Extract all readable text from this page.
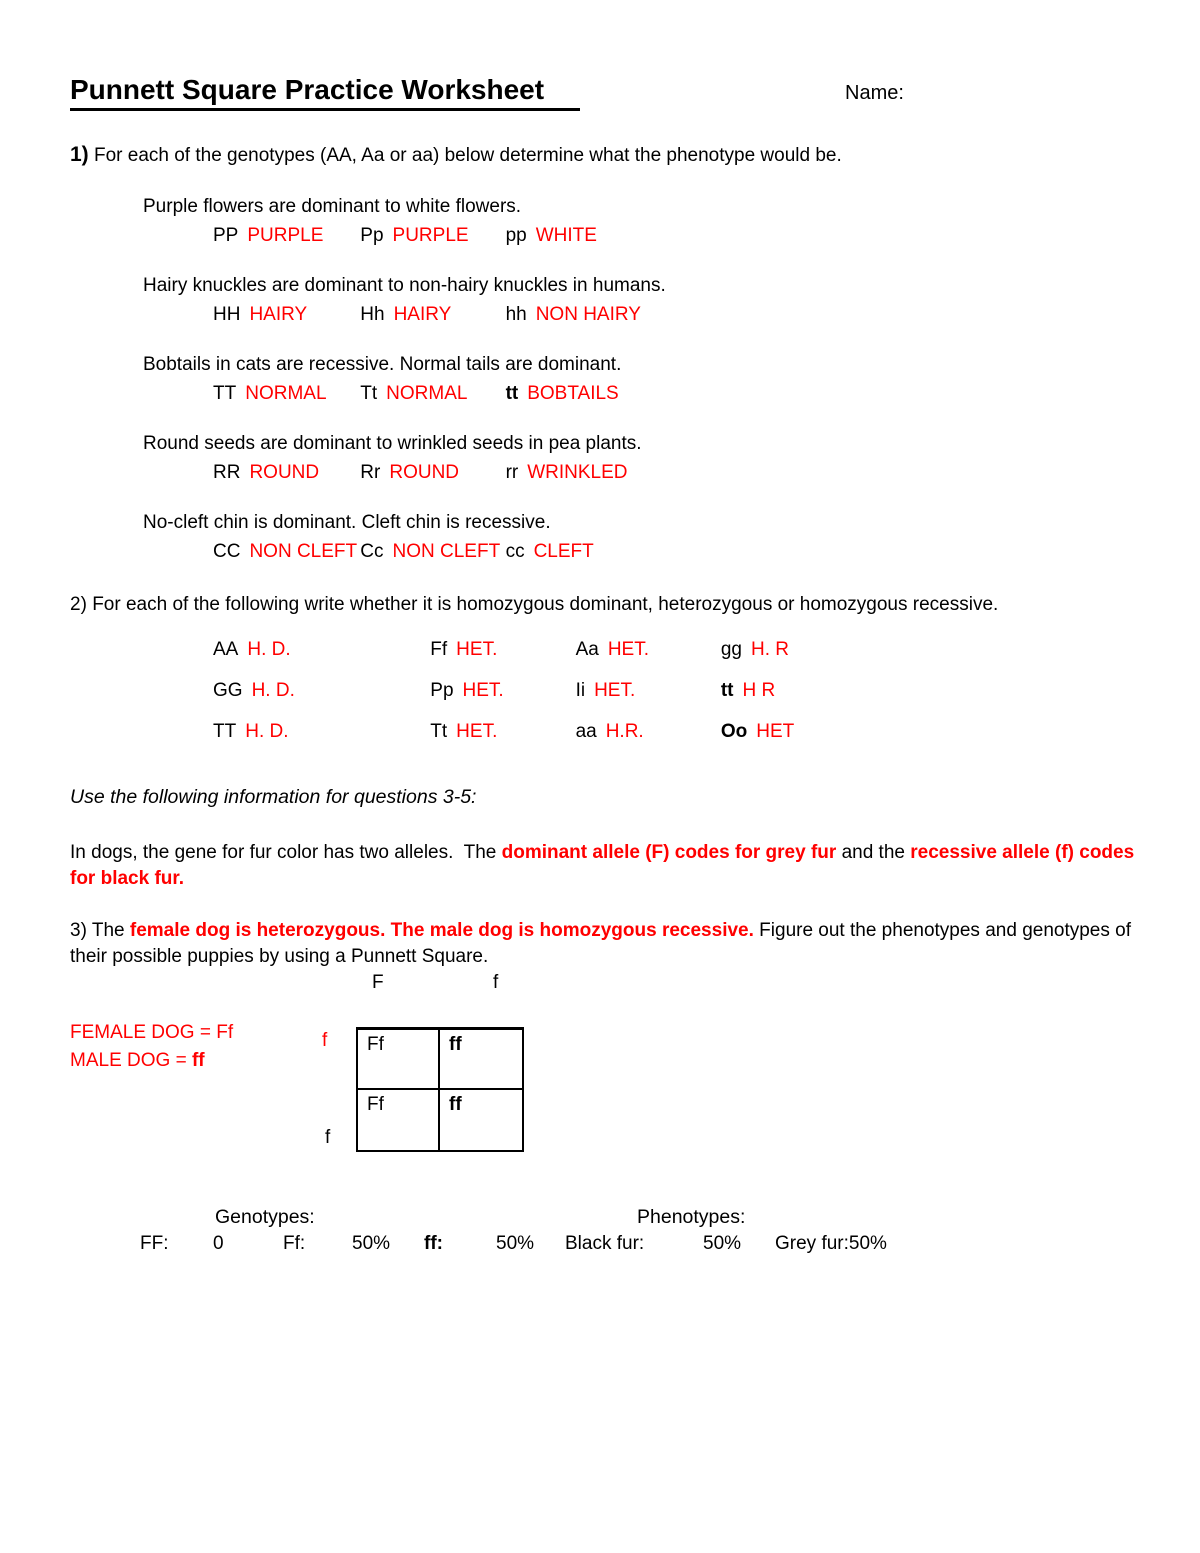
Punnett Square Practice Worksheet	Name:
1) For each of the genotypes (AA, Aa or aa) below determine what the phenotype would be.
Purple flowers are dominant to white flowers.
PP PURPLE Pp PURPLE pp WHITE
Hairy knuckles are dominant to non-hairy knuckles in humans.
HH HAIRY	Hh HAIRY	hh NON HAIRY
Bobtails in cats are recessive. Normal tails are dominant.
TT NORMAL Tt NORMAL tt BOBTAILS
Round seeds are dominant to wrinkled seeds in pea plants.
RR ROUND Rr ROUND rr WRINKLED
No-cleft chin is dominant. Cleft chin is recessive.
CC NON CLEFT Cc NON CLEFT cc CLEFT
2) For each of the following write whether it is homozygous dominant, heterozygous or homozygous recessive.
AA H. D.	Ff HET.	Aa HET.	gg H. R
GG H. D.	Pp HET.	Ii HET.	tt H R
TT H. D.	Tt HET.	aa H.R.	Oo HET
Use the following information for questions 3-5:
In dogs, the gene for fur color has two alleles.  The dominant allele (F) codes for grey fur and the recessive allele (f) codes for black fur.
3) The female dog is heterozygous. The male dog is homozygous recessive. Figure out the phenotypes and genotypes of their possible puppies by using a Punnett Square.
F	f
FEMALE DOG = Ff
MALE DOG = ff
f
f
Ff	ff
Ff	ff
Genotypes:	Phenotypes:
FF: 0	Ff: 50% ff:	50% Black fur:	50% Grey fur:50%
